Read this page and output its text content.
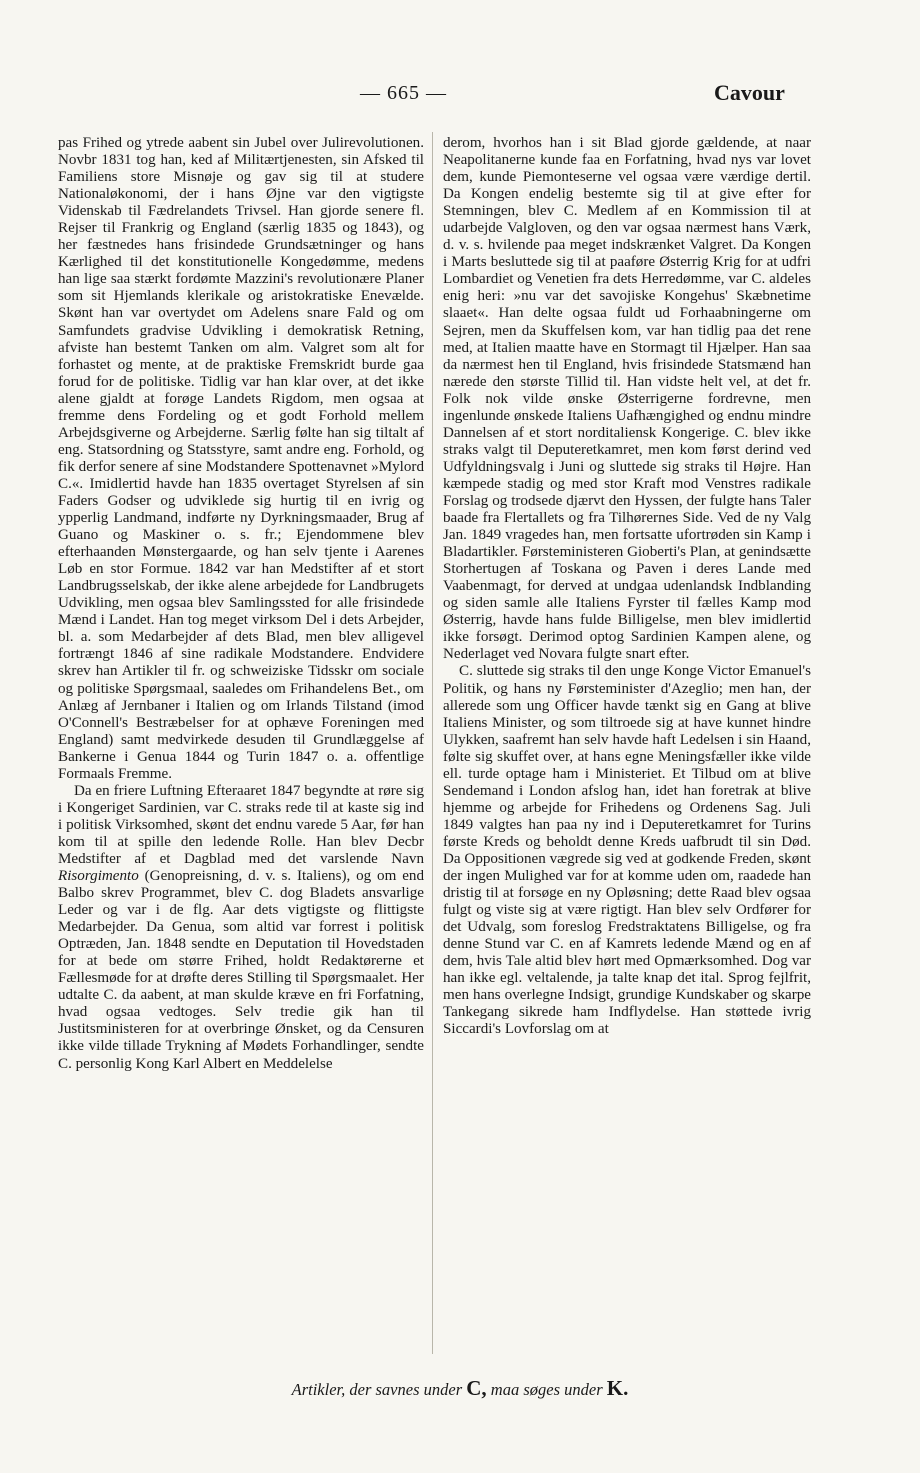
— 665 —	Cavour

pas Frihed og ytrede aabent sin Jubel over Julirevolutionen. Novbr 1831 tog han, ked af Militærtjenesten, sin Afsked til Familiens store Misnøje og gav sig til at studere Nationaløkonomi, der i hans Øjne var den vigtigste Videnskab til Fædrelandets Trivsel. Han gjorde senere fl. Rejser til Frankrig og England (særlig 1835 og 1843), og her fæstnedes hans frisindede Grundsætninger og hans Kærlighed til det konstitutionelle Kongedømme, medens han lige saa stærkt fordømte Mazzini's revolutionære Planer som sit Hjemlands klerikale og aristokratiske Enevælde. Skønt han var overtydet om Adelens snare Fald og om Samfundets gradvise Udvikling i demokratisk Retning, afviste han bestemt Tanken om alm. Valgret som alt for forhastet og mente, at de praktiske Fremskridt burde gaa forud for de politiske. Tidlig var han klar over, at det ikke alene gjaldt at forøge Landets Rigdom, men ogsaa at fremme dens Fordeling og et godt Forhold mellem Arbejdsgiverne og Arbejderne. Særlig følte han sig tiltalt af eng. Statsordning og Statsstyre, samt andre eng. Forhold, og fik derfor senere af sine Modstandere Spottenavnet »Mylord C.«. Imidlertid havde han 1835 overtaget Styrelsen af sin Faders Godser og udviklede sig hurtig til en ivrig og ypperlig Landmand, indførte ny Dyrkningsmaader, Brug af Guano og Maskiner o. s. fr.; Ejendommene blev efterhaanden Mønstergaarde, og han selv tjente i Aarenes Løb en stor Formue. 1842 var han Medstifter af et stort Landbrugsselskab, der ikke alene arbejdede for Landbrugets Udvikling, men ogsaa blev Samlingssted for alle frisindede Mænd i Landet. Han tog meget virksom Del i dets Arbejder, bl. a. som Medarbejder af dets Blad, men blev alligevel fortrængt 1846 af sine radikale Modstandere. Endvidere skrev han Artikler til fr. og schweiziske Tidsskr om sociale og politiske Spørgsmaal, saaledes om Frihandelens Bet., om Anlæg af Jernbaner i Italien og om Irlands Tilstand (imod O'Connell's Bestræbelser for at ophæve Foreningen med England) samt medvirkede desuden til Grundlæggelse af Bankerne i Genua 1844 og Turin 1847 o. a. offentlige Formaals Fremme.

Da en friere Luftning Efteraaret 1847 begyndte at røre sig i Kongeriget Sardinien, var C. straks rede til at kaste sig ind i politisk Virksomhed, skønt det endnu varede 5 Aar, før han kom til at spille den ledende Rolle. Han blev Decbr Medstifter af et Dagblad med det varslende Navn Risorgimento (Genopreisning, d. v. s. Italiens), og om end Balbo skrev Programmet, blev C. dog Bladets ansvarlige Leder og var i de flg. Aar dets vigtigste og flittigste Medarbejder. Da Genua, som altid var forrest i politisk Optræden, Jan. 1848 sendte en Deputation til Hovedstaden for at bede om større Frihed, holdt Redaktørerne et Fællesmøde for at drøfte deres Stilling til Spørgsmaalet. Her udtalte C. da aabent, at man skulde kræve en fri Forfatning, hvad ogsaa vedtoges. Selv tredie gik han til Justitsministeren for at overbringe Ønsket, og da Censuren ikke vilde tillade Trykning af Mødets Forhandlinger, sendte C. personlig Kong Karl Albert en Meddelelse

derom, hvorhos han i sit Blad gjorde gældende, at naar Neapolitanerne kunde faa en Forfatning, hvad nys var lovet dem, kunde Piemonteserne vel ogsaa være værdige dertil. Da Kongen endelig bestemte sig til at give efter for Stemningen, blev C. Medlem af en Kommission til at udarbejde Valgloven, og den var ogsaa nærmest hans Værk, d. v. s. hvilende paa meget indskrænket Valgret. Da Kongen i Marts besluttede sig til at paaføre Østerrig Krig for at udfri Lombardiet og Venetien fra dets Herredømme, var C. aldeles enig heri: »nu var det savojiske Kongehus' Skæbnetime slaaet«. Han delte ogsaa fuldt ud Forhaabningerne om Sejren, men da Skuffelsen kom, var han tidlig paa det rene med, at Italien maatte have en Stormagt til Hjælper. Han saa da nærmest hen til England, hvis frisindede Statsmænd han nærede den største Tillid til. Han vidste helt vel, at det fr. Folk nok vilde ønske Østerrigerne fordrevne, men ingenlunde ønskede Italiens Uafhængighed og endnu mindre Dannelsen af et stort norditaliensk Kongerige. C. blev ikke straks valgt til Deputeretkamret, men kom først derind ved Udfyldningsvalg i Juni og sluttede sig straks til Højre. Han kæmpede stadig og med stor Kraft mod Venstres radikale Forslag og trodsede djærvt den Hyssen, der fulgte hans Taler baade fra Flertallets og fra Tilhørernes Side. Ved de ny Valg Jan. 1849 vragedes han, men fortsatte ufortrøden sin Kamp i Bladartikler. Førsteministeren Gioberti's Plan, at genindsætte Storhertugen af Toskana og Paven i deres Lande med Vaabenmagt, for derved at undgaa udenlandsk Indblanding og siden samle alle Italiens Fyrster til fælles Kamp mod Østerrig, havde hans fulde Billigelse, men blev imidlertid ikke forsøgt. Derimod optog Sardinien Kampen alene, og Nederlaget ved Novara fulgte snart efter.

C. sluttede sig straks til den unge Konge Victor Emanuel's Politik, og hans ny Førsteminister d'Azeglio; men han, der allerede som ung Officer havde tænkt sig en Gang at blive Italiens Minister, og som tiltroede sig at have kunnet hindre Ulykken, saafremt han selv havde haft Ledelsen i sin Haand, følte sig skuffet over, at hans egne Meningsfæller ikke vilde ell. turde optage ham i Ministeriet. Et Tilbud om at blive Sendemand i London afslog han, idet han foretrak at blive hjemme og arbejde for Frihedens og Ordenens Sag. Juli 1849 valgtes han paa ny ind i Deputeretkamret for Turins første Kreds og beholdt denne Kreds uafbrudt til sin Død. Da Oppositionen vægrede sig ved at godkende Freden, skønt der ingen Mulighed var for at komme uden om, raadede han dristig til at forsøge en ny Opløsning; dette Raad blev ogsaa fulgt og viste sig at være rigtigt. Han blev selv Ordfører for det Udvalg, som foreslog Fredstraktatens Billigelse, og fra denne Stund var C. en af Kamrets ledende Mænd og en af dem, hvis Tale altid blev hørt med Opmærksomhed. Dog var han ikke egl. veltalende, ja talte knap det ital. Sprog fejlfrit, men hans overlegne Indsigt, grundige Kundskaber og skarpe Tankegang sikrede ham Indflydelse. Han støttede ivrig Siccardi's Lovforslag om at

Artikler, der savnes under C, maa søges under K.
